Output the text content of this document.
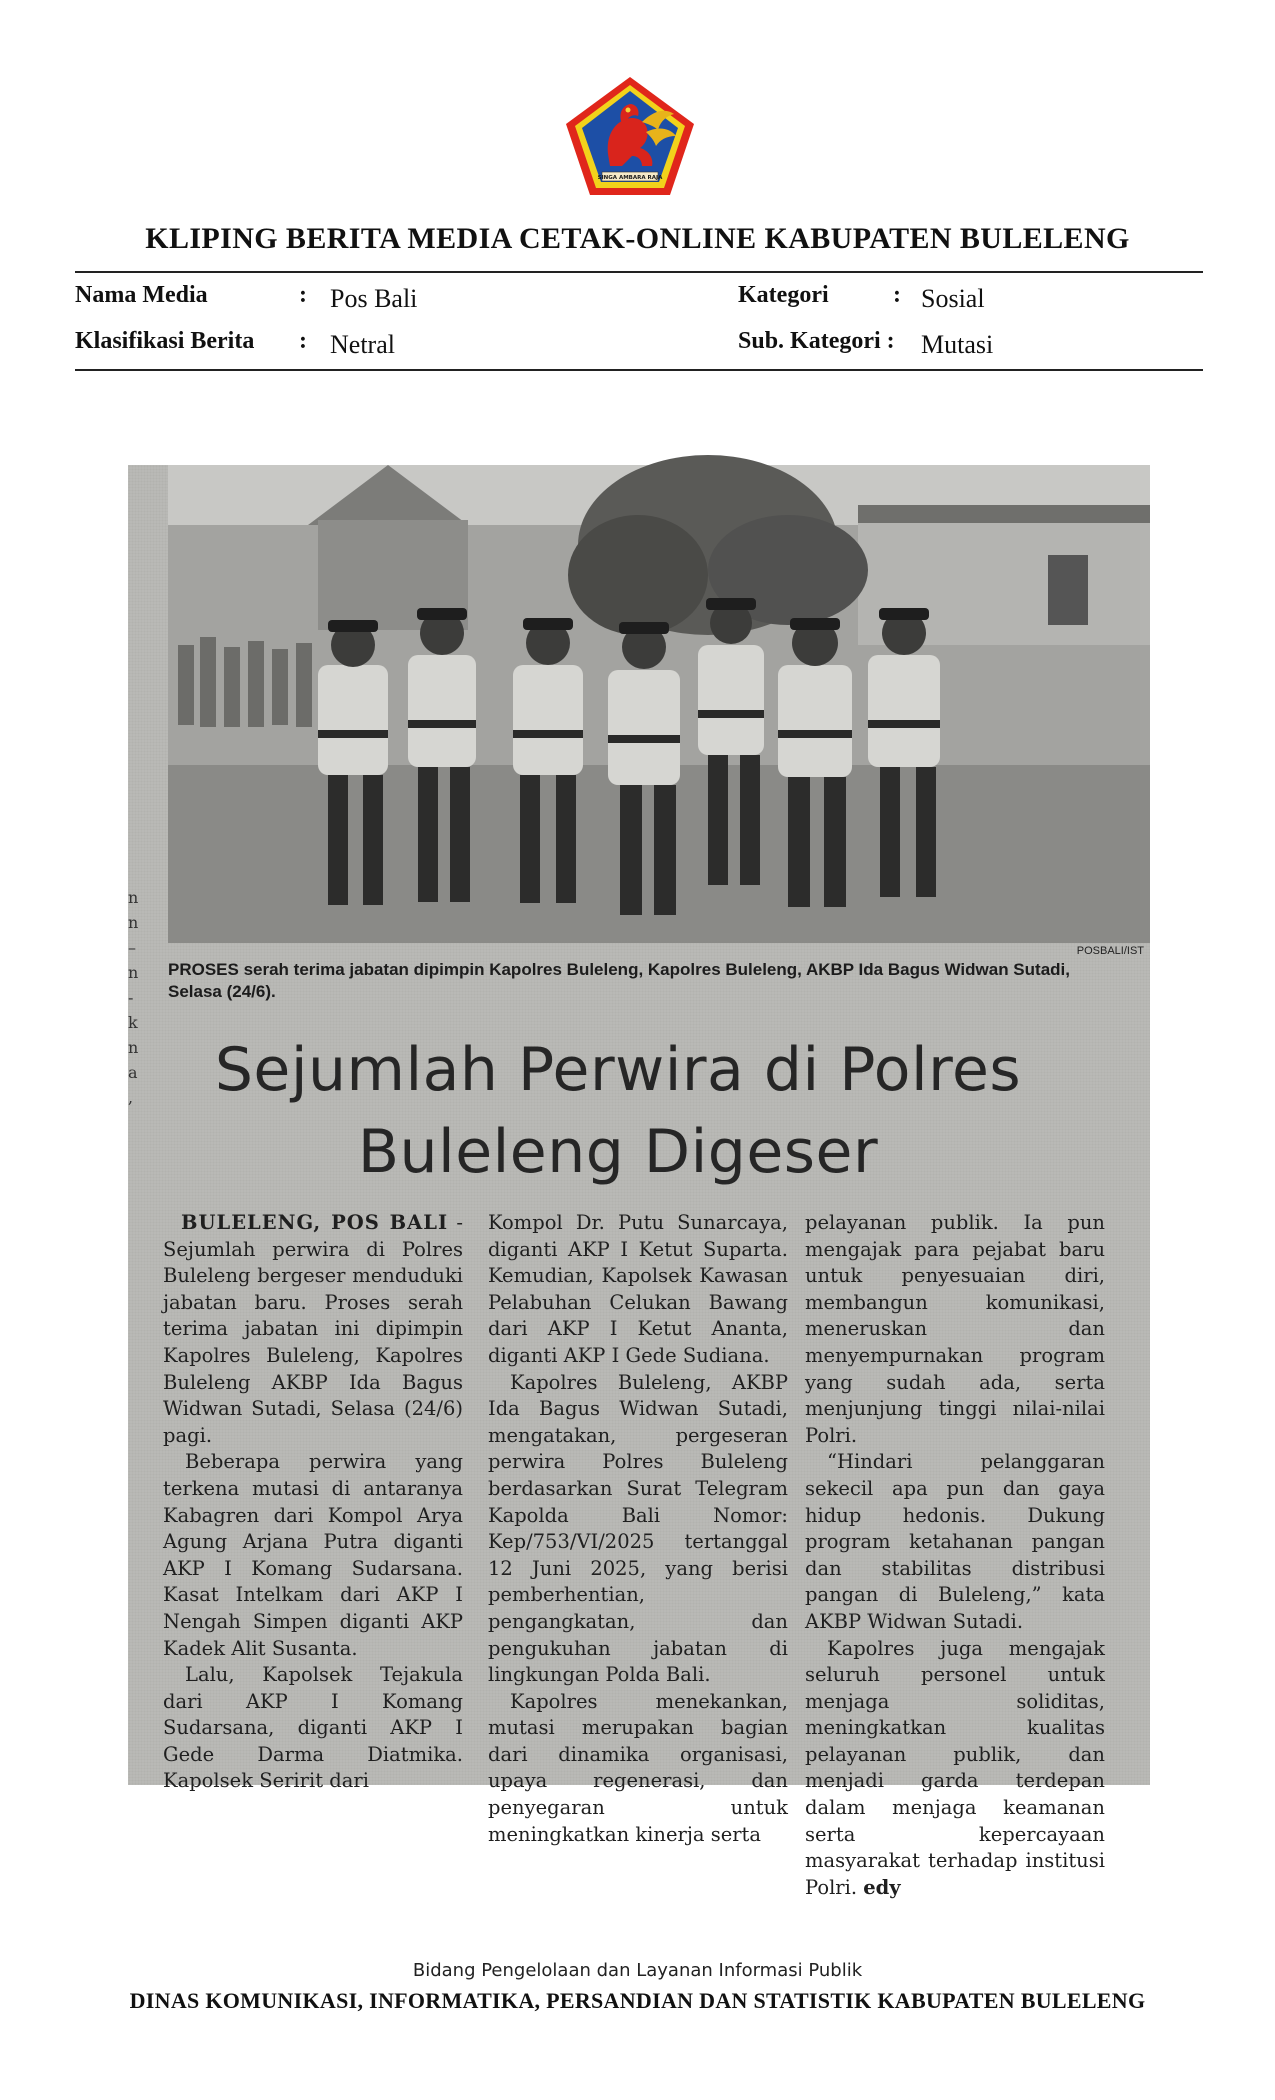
SINGA AMBARA RAJA
KLIPING BERITA MEDIA CETAK-ONLINE KABUPATEN BULELENG
Nama Media	: Pos Bali	Kategori	: Sosial
Klasifikasi Berita : Netral	Sub. Kategori : Mutasi
n
n
–
n
-
k
n
a
,
POSBALI/IST
PROSES serah terima jabatan dipimpin Kapolres Buleleng, Kapolres Buleleng, AKBP Ida Bagus Widwan Sutadi, Selasa (24/6).
Sejumlah Perwira di Polres
Buleleng Digeser

BULELENG, POS BALI - Sejumlah perwira di Polres Buleleng bergeser menduduki jabatan baru. Proses serah terima jabatan ini dipimpin Kapolres Buleleng, Kapolres Buleleng AKBP Ida Bagus Widwan Sutadi, Selasa (24/6) pagi.

Beberapa perwira yang terkena mutasi di antaranya Kabagren dari Kompol Arya Agung Arjana Putra diganti AKP I Komang Sudarsana. Kasat Intelkam dari AKP I Nengah Simpen diganti AKP Kadek Alit Susanta.

Lalu, Kapolsek Tejakula dari AKP I Komang Sudarsana, diganti AKP I Gede Darma Diatmika. Kapolsek Seririt dari

Kompol Dr. Putu Sunarcaya, diganti AKP I Ketut Suparta. Kemudian, Kapolsek Kawasan Pelabuhan Celukan Bawang dari AKP I Ketut Ananta, diganti AKP I Gede Sudiana.

Kapolres Buleleng, AKBP Ida Bagus Widwan Sutadi, mengatakan, pergeseran perwira Polres Buleleng berdasarkan Surat Telegram Kapolda Bali Nomor: Kep/753/VI/2025 tertanggal 12 Juni 2025, yang berisi pemberhentian, pengangkatan, dan pengukuhan jabatan di lingkungan Polda Bali.

Kapolres menekankan, mutasi merupakan bagian dari dinamika organisasi, upaya regenerasi, dan penyegaran untuk meningkatkan kinerja serta

pelayanan publik. Ia pun mengajak para pejabat baru untuk penyesuaian diri, membangun komunikasi, meneruskan dan menyempurnakan program yang sudah ada, serta menjunjung tinggi nilai-nilai Polri.

“Hindari pelanggaran sekecil apa pun dan gaya hidup hedonis. Dukung program ketahanan pangan dan stabilitas distribusi pangan di Buleleng,” kata AKBP Widwan Sutadi.

Kapolres juga mengajak seluruh personel untuk menjaga soliditas, meningkatkan kualitas pelayanan publik, dan menjadi garda terdepan dalam menjaga keamanan serta kepercayaan masyarakat terhadap institusi Polri. edy

Bidang Pengelolaan dan Layanan Informasi Publik
DINAS KOMUNIKASI, INFORMATIKA, PERSANDIAN DAN STATISTIK KABUPATEN BULELENG
